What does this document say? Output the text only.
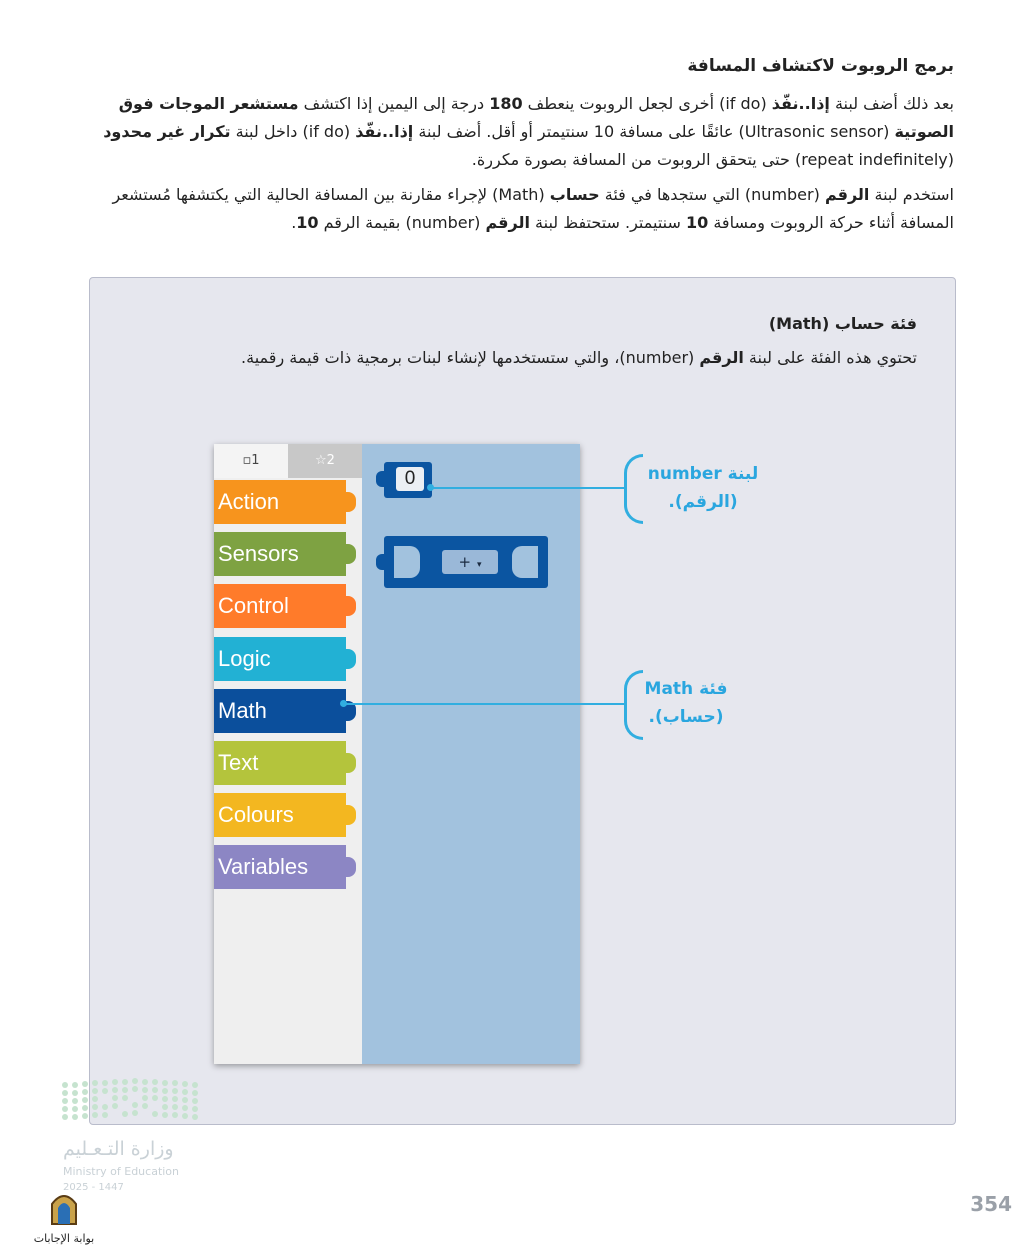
برمج الروبوت لاكتشاف المسافة
بعد ذلك أضف لبنة إذا..نفّذ (if do) أخرى لجعل الروبوت ينعطف 180 درجة إلى اليمين إذا اكتشف مستشعر الموجات فوق الصوتية (Ultrasonic sensor) عائقًا على مسافة 10 سنتيمتر أو أقل. أضف لبنة إذا..نفّذ (if do) داخل لبنة تكرار غير محدود (repeat indefinitely) حتى يتحقق الروبوت من المسافة بصورة مكررة.
استخدم لبنة الرقم (number) التي ستجدها في فئة حساب (Math) لإجراء مقارنة بين المسافة الحالية التي يكتشفها مُستشعر المسافة أثناء حركة الروبوت ومسافة 10 سنتيمتر. ستحتفظ لبنة الرقم (number) بقيمة الرقم 10.
فئة حساب (Math)
تحتوي هذه الفئة على لبنة الرقم (number)، والتي ستستخدمها لإنشاء لبنات برمجية ذات قيمة رقمية.
▫1	☆2
Action
Sensors
Control
Logic
Math
Text
Colours
Variables
0
+ ▾
لبنة number
(الرقم).
فئة Math
(حساب).
وزارة التـعـليم
Ministry of Education
2025 - 1447
بوابة الإجابات
354
